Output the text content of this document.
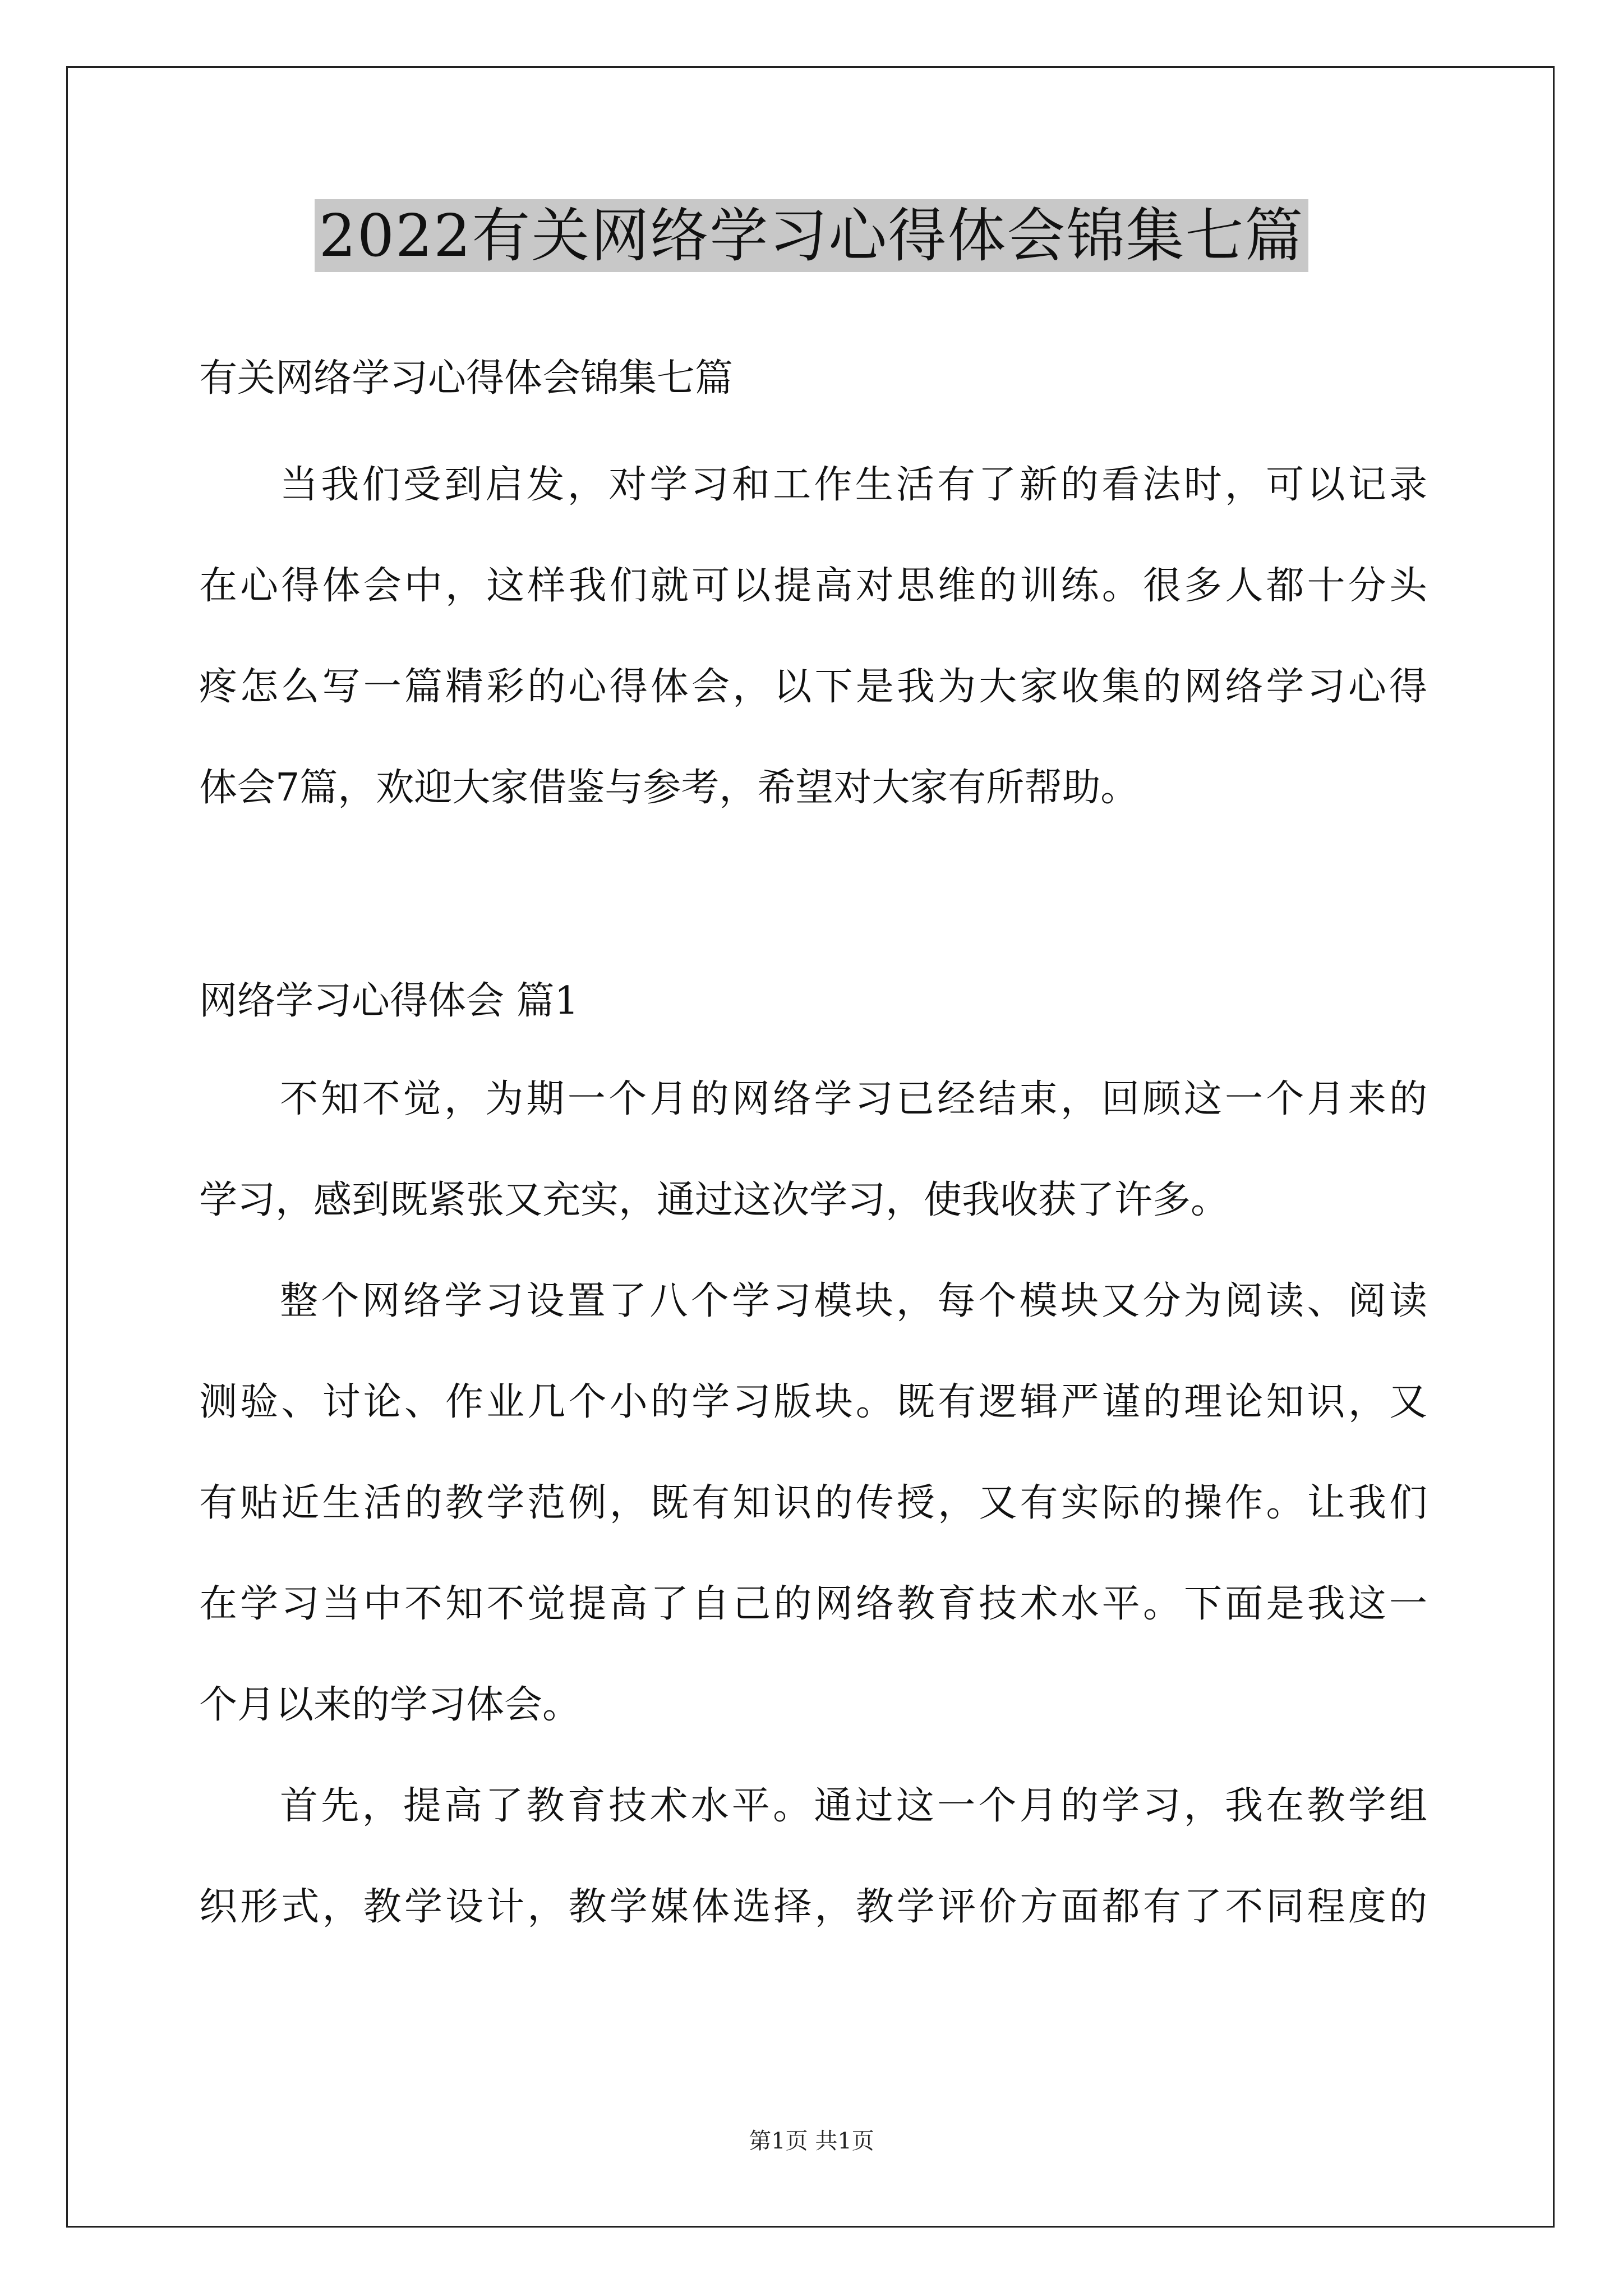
2022有关网络学习心得体会锦集七篇
有关网络学习心得体会锦集七篇
当我们受到启发，对学习和工作生活有了新的看法时，可以记录
在心得体会中，这样我们就可以提高对思维的训练。很多人都十分头
疼怎么写一篇精彩的心得体会，以下是我为大家收集的网络学习心得
体会7篇，欢迎大家借鉴与参考，希望对大家有所帮助。
网络学习心得体会 篇1
不知不觉，为期一个月的网络学习已经结束，回顾这一个月来的
学习，感到既紧张又充实，通过这次学习，使我收获了许多。
整个网络学习设置了八个学习模块，每个模块又分为阅读、阅读
测验、讨论、作业几个小的学习版块。既有逻辑严谨的理论知识，又
有贴近生活的教学范例，既有知识的传授，又有实际的操作。让我们
在学习当中不知不觉提高了自己的网络教育技术水平。下面是我这一
个月以来的学习体会。
首先，提高了教育技术水平。通过这一个月的学习，我在教学组
织形式，教学设计，教学媒体选择，教学评价方面都有了不同程度的
第1页 共1页
